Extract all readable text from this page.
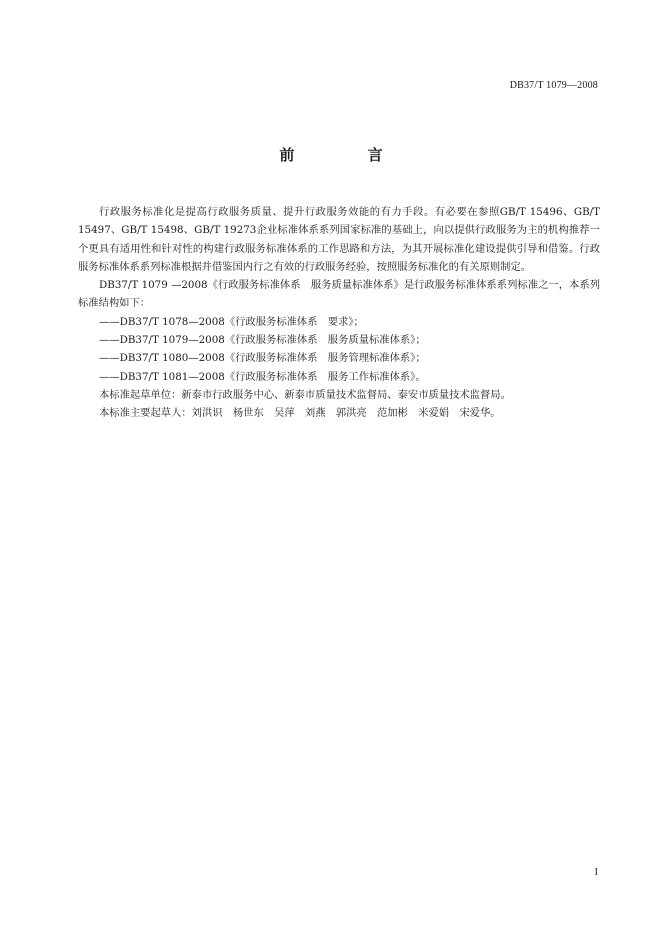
DB37/T 1079—2008
前 言

行政服务标准化是提高行政服务质量、提升行政服务效能的有力手段。有必要在参照GB/T 15496、GB/T 15497、GB/T 15498、GB/T 19273企业标准体系系列国家标准的基础上，向以提供行政服务为主的机构推荐一个更具有适用性和针对性的构建行政服务标准体系的工作思路和方法，为其开展标准化建设提供引导和借鉴。行政服务标准体系系列标准根据并借鉴国内行之有效的行政服务经验，按照服务标准化的有关原则制定。

DB37/T 1079 —2008《行政服务标准体系　服务质量标准体系》是行政服务标准体系系列标准之一，本系列标准结构如下：

——DB37/T 1078—2008《行政服务标准体系　要求》；
——DB37/T 1079—2008《行政服务标准体系　服务质量标准体系》；
——DB37/T 1080—2008《行政服务标准体系　服务管理标准体系》；
——DB37/T 1081—2008《行政服务标准体系　服务工作标准体系》。

本标准起草单位：新泰市行政服务中心、新泰市质量技术监督局、泰安市质量技术监督局。

本标准主要起草人：刘洪识　杨世东　吴萍　刘燕　郭洪亮　范加彬　米爱娟　宋爱华。

I
